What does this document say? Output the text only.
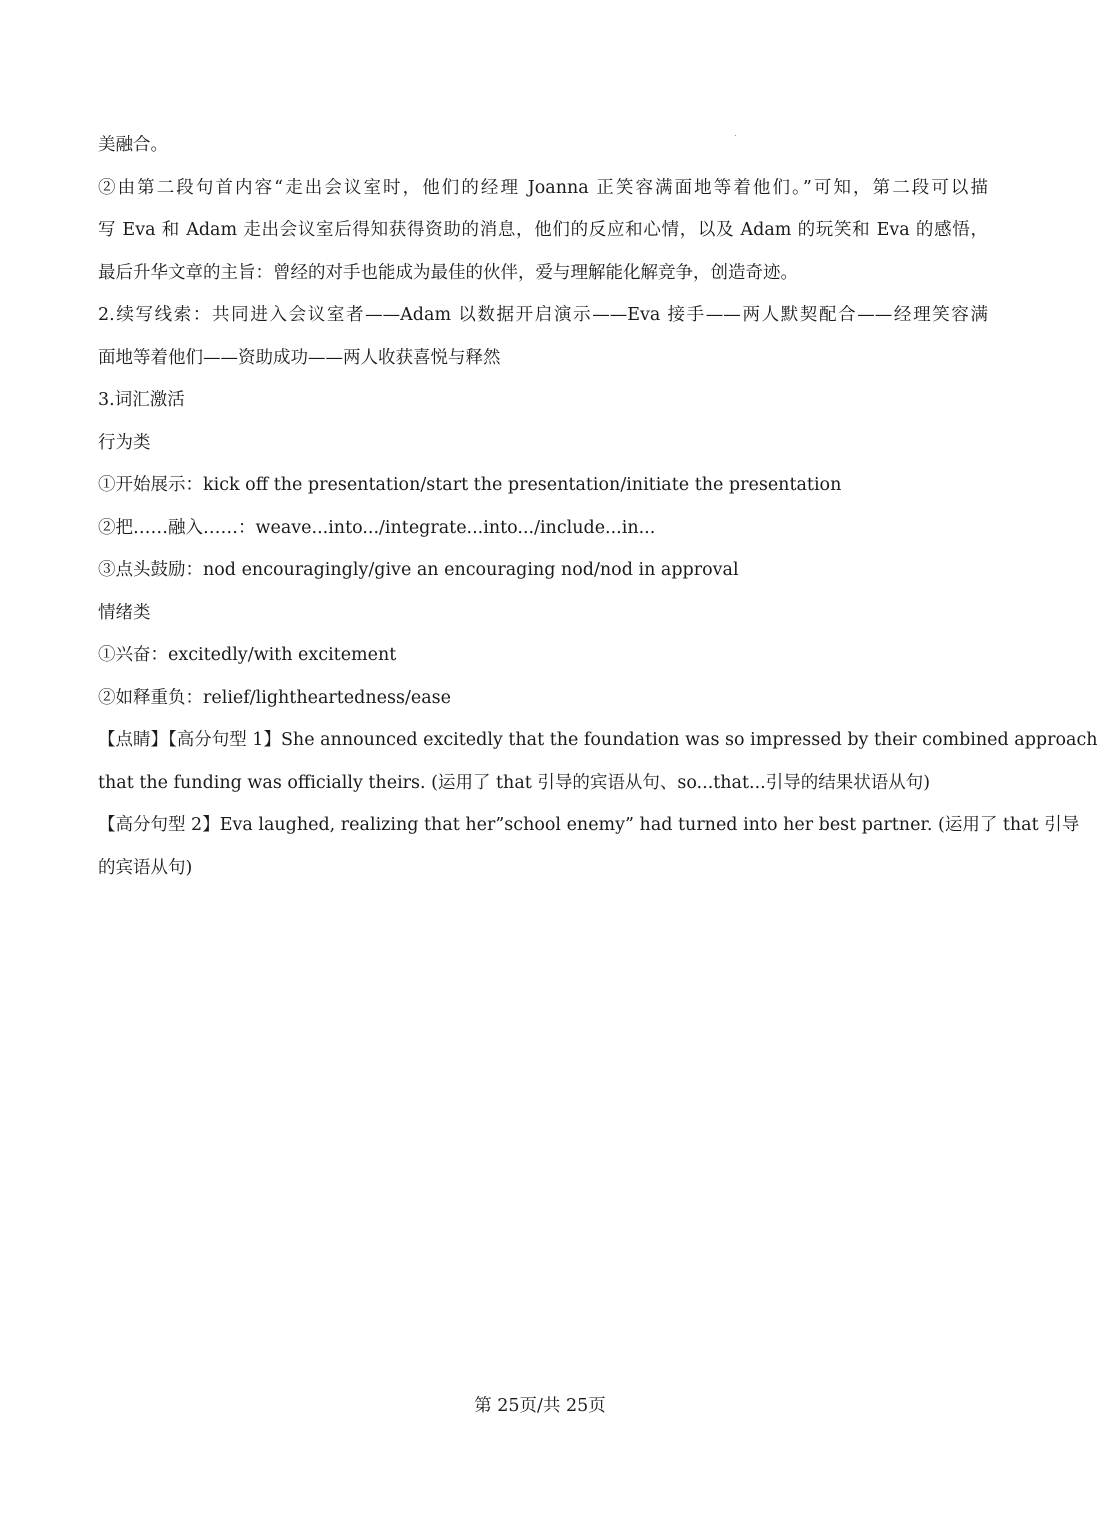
美融合。
②由第二段句首内容“走出会议室时，他们的经理 Joanna 正笑容满面地等着他们。”可知，第二段可以描
写 Eva 和 Adam 走出会议室后得知获得资助的消息，他们的反应和心情，以及 Adam 的玩笑和 Eva 的感悟，
最后升华文章的主旨：曾经的对手也能成为最佳的伙伴，爱与理解能化解竞争，创造奇迹。
2.续写线索：共同进入会议室者——Adam 以数据开启演示——Eva 接手——两人默契配合——经理笑容满
面地等着他们——资助成功——两人收获喜悦与释然
3.词汇激活
行为类
①开始展示：kick off the presentation/start the presentation/initiate the presentation
②把……融入……：weave...into.../integrate...into.../include...in...
③点头鼓励：nod encouragingly/give an encouraging nod/nod in approval
情绪类
①兴奋：excitedly/with excitement
②如释重负：relief/lightheartedness/ease
【点睛】【高分句型 1】She announced excitedly that the foundation was so impressed by their combined approach
that the funding was officially theirs. (运用了 that 引导的宾语从句、so...that...引导的结果状语从句)
【高分句型 2】Eva laughed, realizing that her”school enemy” had turned into her best partner. (运用了 that 引导
的宾语从句)
第 25页/共 25页
